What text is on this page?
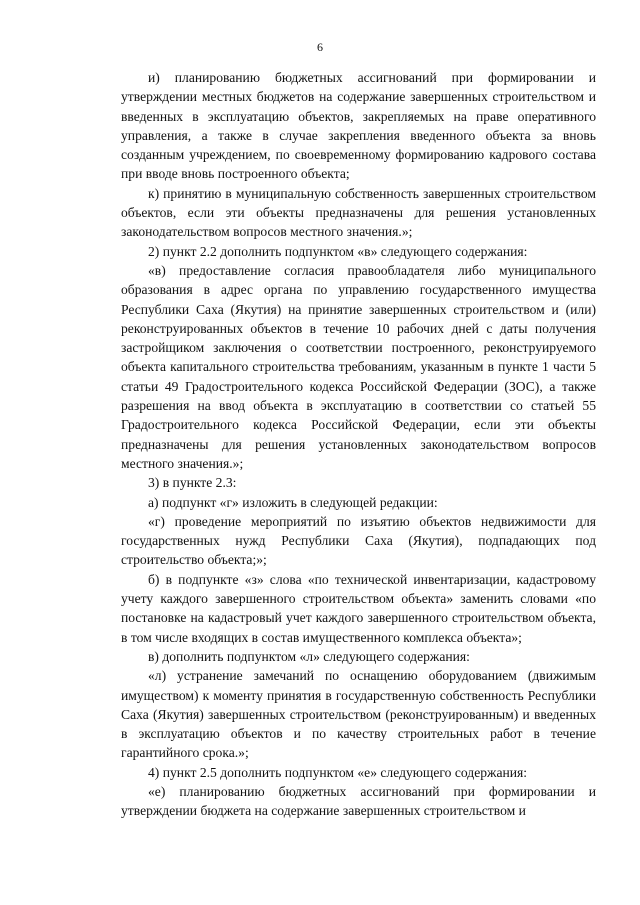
6

и) планированию бюджетных ассигнований при формировании и утверждении местных бюджетов на содержание завершенных строительством и введенных в эксплуатацию объектов, закрепляемых на праве оперативного управления, а также в случае закрепления введенного объекта за вновь созданным учреждением, по своевременному формированию кадрового состава при вводе вновь построенного объекта;

к) принятию в муниципальную собственность завершенных строительством объектов, если эти объекты предназначены для решения установленных законодательством вопросов местного значения.»;

2) пункт 2.2 дополнить подпунктом «в» следующего содержания:

«в) предоставление согласия правообладателя либо муниципального образования в адрес органа по управлению государственного имущества Республики Саха (Якутия) на принятие завершенных строительством и (или) реконструированных объектов в течение 10 рабочих дней с даты получения застройщиком заключения о соответствии построенного, реконструируемого объекта капитального строительства требованиям, указанным в пункте 1 части 5 статьи 49 Градостроительного кодекса Российской Федерации (ЗОС), а также разрешения на ввод объекта в эксплуатацию в соответствии со статьей 55 Градостроительного кодекса Российской Федерации, если эти объекты предназначены для решения установленных законодательством вопросов местного значения.»;

3) в пункте 2.3:

а) подпункт «г» изложить в следующей редакции:

«г) проведение мероприятий по изъятию объектов недвижимости для государственных нужд Республики Саха (Якутия), подпадающих под строительство объекта;»;

б) в подпункте «з» слова «по технической инвентаризации, кадастровому учету каждого завершенного строительством объекта» заменить словами «по постановке на кадастровый учет каждого завершенного строительством объекта, в том числе входящих в состав имущественного комплекса объекта»;

в) дополнить подпунктом «л» следующего содержания:

«л) устранение замечаний по оснащению оборудованием (движимым имуществом) к моменту принятия в государственную собственность Республики Саха (Якутия) завершенных строительством (реконструированным) и введенных в эксплуатацию объектов и по качеству строительных работ в течение гарантийного срока.»;

4) пункт 2.5 дополнить подпунктом «е» следующего содержания:

«е) планированию бюджетных ассигнований при формировании и утверждении бюджета на содержание завершенных строительством и
